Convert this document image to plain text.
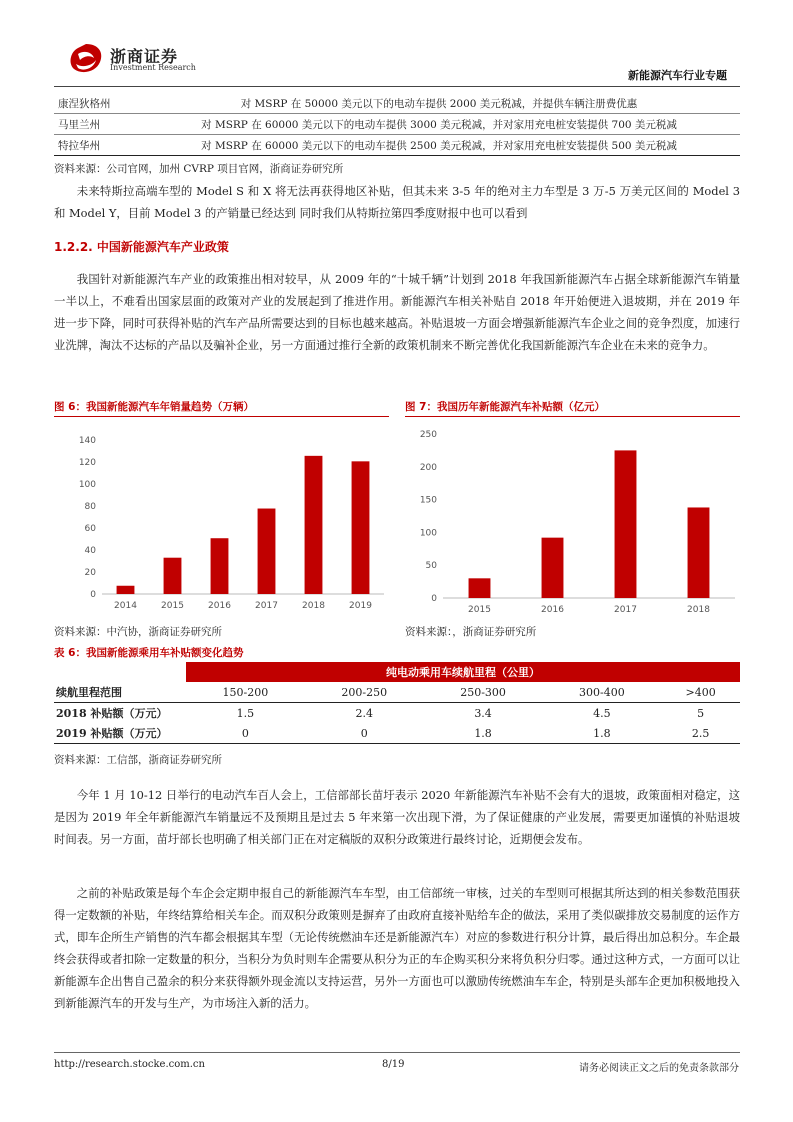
浙商证券
Investment Research
新能源汽车行业专题
康涅狄格州	对 MSRP 在 50000 美元以下的电动车提供 2000 美元税减，并提供车辆注册费优惠
马里兰州	对 MSRP 在 60000 美元以下的电动车提供 3000 美元税减，并对家用充电桩安装提供 700 美元税减
特拉华州	对 MSRP 在 60000 美元以下的电动车提供 2500 美元税减，并对家用充电桩安装提供 500 美元税减
资料来源：公司官网，加州 CVRP 项目官网，浙商证券研究所

未来特斯拉高端车型的 Model S 和 X 将无法再获得地区补贴，但其未来 3-5 年的绝对主力车型是 3 万-5 万美元区间的 Model 3 和 Model Y，目前 Model 3 的产销量已经达到 同时我们从特斯拉第四季度财报中也可以看到

1.2.2. 中国新能源汽车产业政策

我国针对新能源汽车产业的政策推出相对较早，从 2009 年的“十城千辆”计划到 2018 年我国新能源汽车占据全球新能源汽车销量一半以上，不难看出国家层面的政策对产业的发展起到了推进作用。新能源汽车相关补贴自 2018 年开始便进入退坡期，并在 2019 年进一步下降，同时可获得补贴的汽车产品所需要达到的目标也越来越高。补贴退坡一方面会增强新能源汽车企业之间的竞争烈度，加速行业洗牌，淘汰不达标的产品以及骗补企业，另一方面通过推行全新的政策机制来不断完善优化我国新能源汽车企业在未来的竞争力。

图 6：我国新能源汽车年销量趋势（万辆）
0
20
40
60
80
100
120
140
2014	2015	2016	2017	2018	2019
资料来源：中汽协，浙商证券研究所
图 7：我国历年新能源汽车补贴额（亿元）
0
50
100
150
200
250
2015	2016	2017	2018
资料来源：，浙商证券研究所
表 6：我国新能源乘用车补贴额变化趋势
	纯电动乘用车续航里程（公里）				
续航里程范围	150-200	200-250	250-300	300-400	>400
2018 补贴额（万元）	1.5	2.4	3.4	4.5	5
2019 补贴额（万元）	0	0	1.8	1.8	2.5
资料来源：工信部，浙商证券研究所

今年 1 月 10-12 日举行的电动汽车百人会上，工信部部长苗圩表示 2020 年新能源汽车补贴不会有大的退坡，政策面相对稳定，这是因为 2019 年全年新能源汽车销量远不及预期且是过去 5 年来第一次出现下滑，为了保证健康的产业发展，需要更加谨慎的补贴退坡时间表。另一方面，苗圩部长也明确了相关部门正在对定稿版的双积分政策进行最终讨论，近期便会发布。

之前的补贴政策是每个车企会定期申报自己的新能源汽车车型，由工信部统一审核，过关的车型则可根据其所达到的相关参数范围获得一定数额的补贴，年终结算给相关车企。而双积分政策则是摒弃了由政府直接补贴给车企的做法，采用了类似碳排放交易制度的运作方式，即车企所生产销售的汽车都会根据其车型（无论传统燃油车还是新能源汽车）对应的参数进行积分计算，最后得出加总积分。车企最终会获得或者扣除一定数量的积分，当积分为负时则车企需要从积分为正的车企购买积分来将负积分归零。通过这种方式，一方面可以让新能源车企出售自己盈余的积分来获得额外现金流以支持运营，另外一方面也可以激励传统燃油车车企，特别是头部车企更加积极地投入到新能源汽车的开发与生产，为市场注入新的活力。

http://research.stocke.com.cn	8/19	请务必阅读正文之后的免责条款部分
